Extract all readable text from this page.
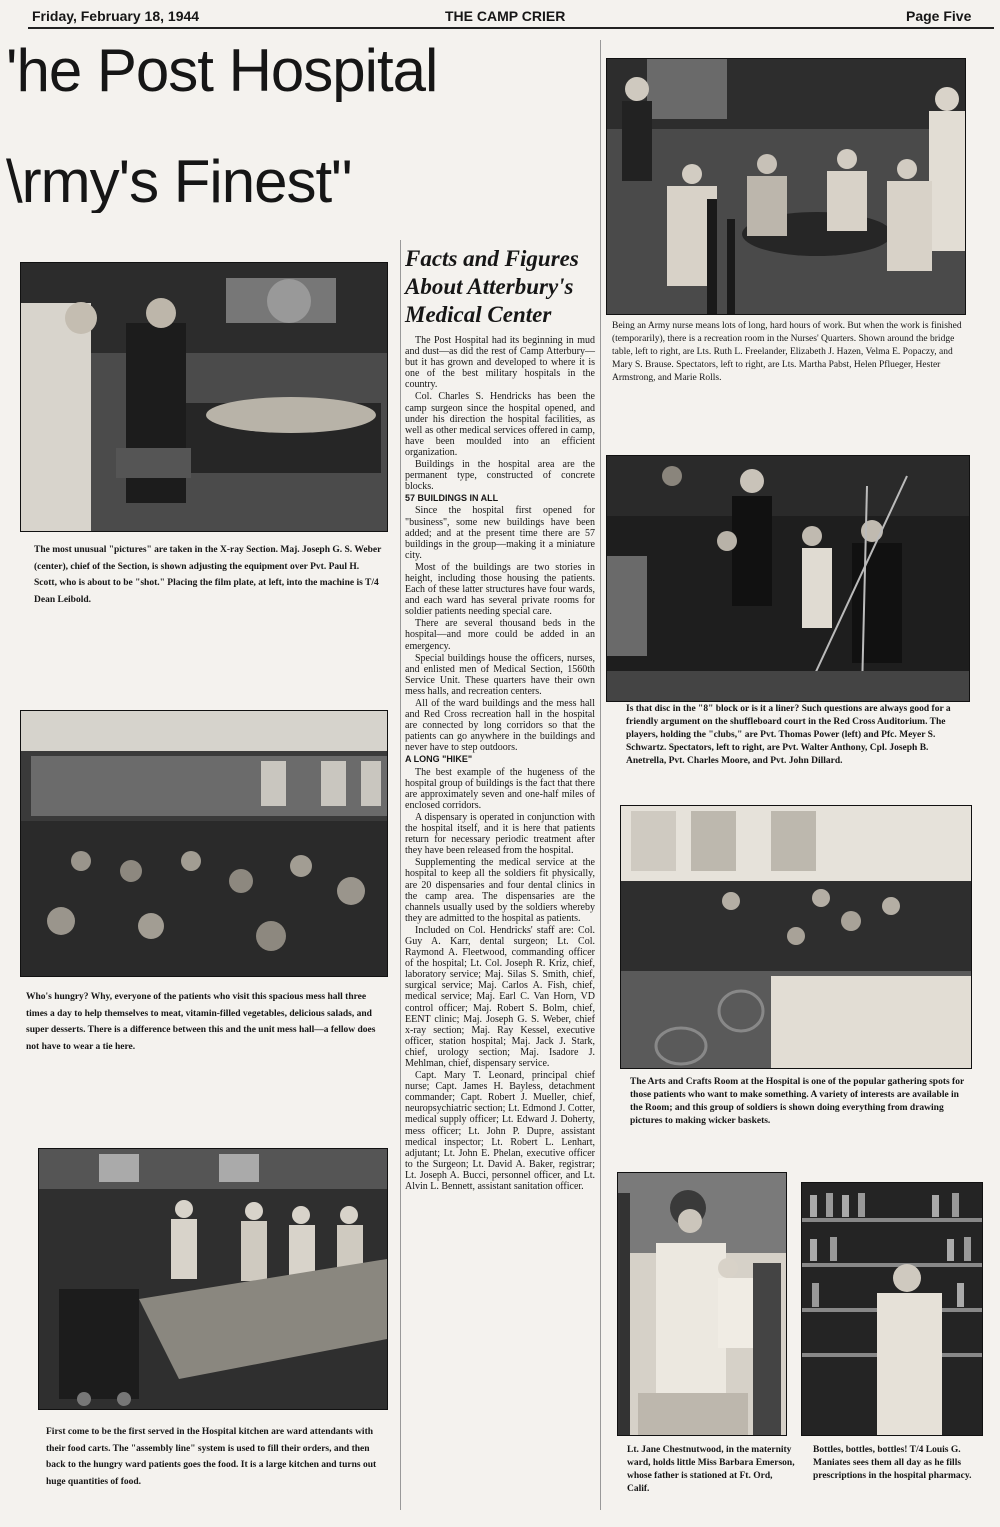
Friday, February 18, 1944	THE CAMP CRIER	Page Five
'he Post Hospital
\rmy's Finest"
The most unusual "pictures" are taken in the X-ray Section. Maj. Joseph G. S. Weber (center), chief of the Section, is shown adjusting the equipment over Pvt. Paul H. Scott, who is about to be "shot." Placing the film plate, at left, into the machine is T/4 Dean Leibold.
Who's hungry? Why, everyone of the patients who visit this spacious mess hall three times a day to help themselves to meat, vitamin-filled vegetables, delicious salads, and super desserts. There is a difference between this and the unit mess hall—a fellow does not have to wear a tie here.
First come to be the first served in the Hospital kitchen are ward attendants with their food carts. The "assembly line" system is used to fill their orders, and then back to the hungry ward patients goes the food. It is a large kitchen and turns out huge quantities of food.
Facts and Figures
About Atterbury's
Medical Center

The Post Hospital had its beginning in mud and dust—as did the rest of Camp Atterbury—but it has grown and developed to where it is one of the best military hospitals in the country.

Col. Charles S. Hendricks has been the camp surgeon since the hospital opened, and under his direction the hospital facilities, as well as other medical services offered in camp, have been moulded into an efficient organization.

Buildings in the hospital area are the permanent type, constructed of concrete blocks.

57 BUILDINGS IN ALL

Since the hospital first opened for "business", some new buildings have been added; and at the present time there are 57 buildings in the group—making it a miniature city.

Most of the buildings are two stories in height, including those housing the patients. Each of these latter structures have four wards, and each ward has several private rooms for soldier patients needing special care.

There are several thousand beds in the hospital—and more could be added in an emergency.

Special buildings house the officers, nurses, and enlisted men of Medical Section, 1560th Service Unit. These quarters have their own mess halls, and recreation centers.

All of the ward buildings and the mess hall and Red Cross recreation hall in the hospital are connected by long corridors so that the patients can go anywhere in the buildings and never have to step outdoors.

A LONG "HIKE"

The best example of the hugeness of the hospital group of buildings is the fact that there are approximately seven and one-half miles of enclosed corridors.

A dispensary is operated in conjunction with the hospital itself, and it is here that patients return for necessary periodic treatment after they have been released from the hospital.

Supplementing the medical service at the hospital to keep all the soldiers fit physically, are 20 dispensaries and four dental clinics in the camp area. The dispensaries are the channels usually used by the soldiers whereby they are admitted to the hospital as patients.

Included on Col. Hendricks' staff are: Col. Guy A. Karr, dental surgeon; Lt. Col. Raymond A. Fleetwood, commanding officer of the hospital; Lt. Col. Joseph R. Kriz, chief, laboratory service; Maj. Silas S. Smith, chief, surgical service; Maj. Carlos A. Fish, chief, medical service; Maj. Earl C. Van Horn, VD control officer; Maj. Robert S. Bolm, chief, EENT clinic; Maj. Joseph G. S. Weber, chief x-ray section; Maj. Ray Kessel, executive officer, station hospital; Maj. Jack J. Stark, chief, urology section; Maj. Isadore J. Mehlman, chief, dispensary service.

Capt. Mary T. Leonard, principal chief nurse; Capt. James H. Bayless, detachment commander; Capt. Robert J. Mueller, chief, neuropsychiatric section; Lt. Edmond J. Cotter, medical supply officer; Lt. Edward J. Doherty, mess officer; Lt. John P. Dupre, assistant medical inspector; Lt. Robert L. Lenhart, adjutant; Lt. John E. Phelan, executive officer to the Surgeon; Lt. David A. Baker, registrar; Lt. Joseph A. Bucci, personnel officer, and Lt. Alvin L. Bennett, assistant sanitation officer.

Being an Army nurse means lots of long, hard hours of work. But when the work is finished (temporarily), there is a recreation room in the Nurses' Quarters. Shown around the bridge table, left to right, are Lts. Ruth L. Freelander, Elizabeth J. Hazen, Velma E. Popaczy, and Mary S. Brause. Spectators, left to right, are Lts. Martha Pabst, Helen Pflueger, Hester Armstrong, and Marie Rolls.
Is that disc in the "8" block or is it a liner? Such questions are always good for a friendly argument on the shuffleboard court in the Red Cross Auditorium. The players, holding the "clubs," are Pvt. Thomas Power (left) and Pfc. Meyer S. Schwartz. Spectators, left to right, are Pvt. Walter Anthony, Cpl. Joseph B. Anetrella, Pvt. Charles Moore, and Pvt. John Dillard.
The Arts and Crafts Room at the Hospital is one of the popular gathering spots for those patients who want to make something. A variety of interests are available in the Room; and this group of soldiers is shown doing everything from drawing pictures to making wicker baskets.
Lt. Jane Chestnutwood, in the maternity ward, holds little Miss Barbara Emerson, whose father is stationed at Ft. Ord, Calif.
Bottles, bottles, bottles! T/4 Louis G. Maniates sees them all day as he fills prescriptions in the hospital pharmacy.
